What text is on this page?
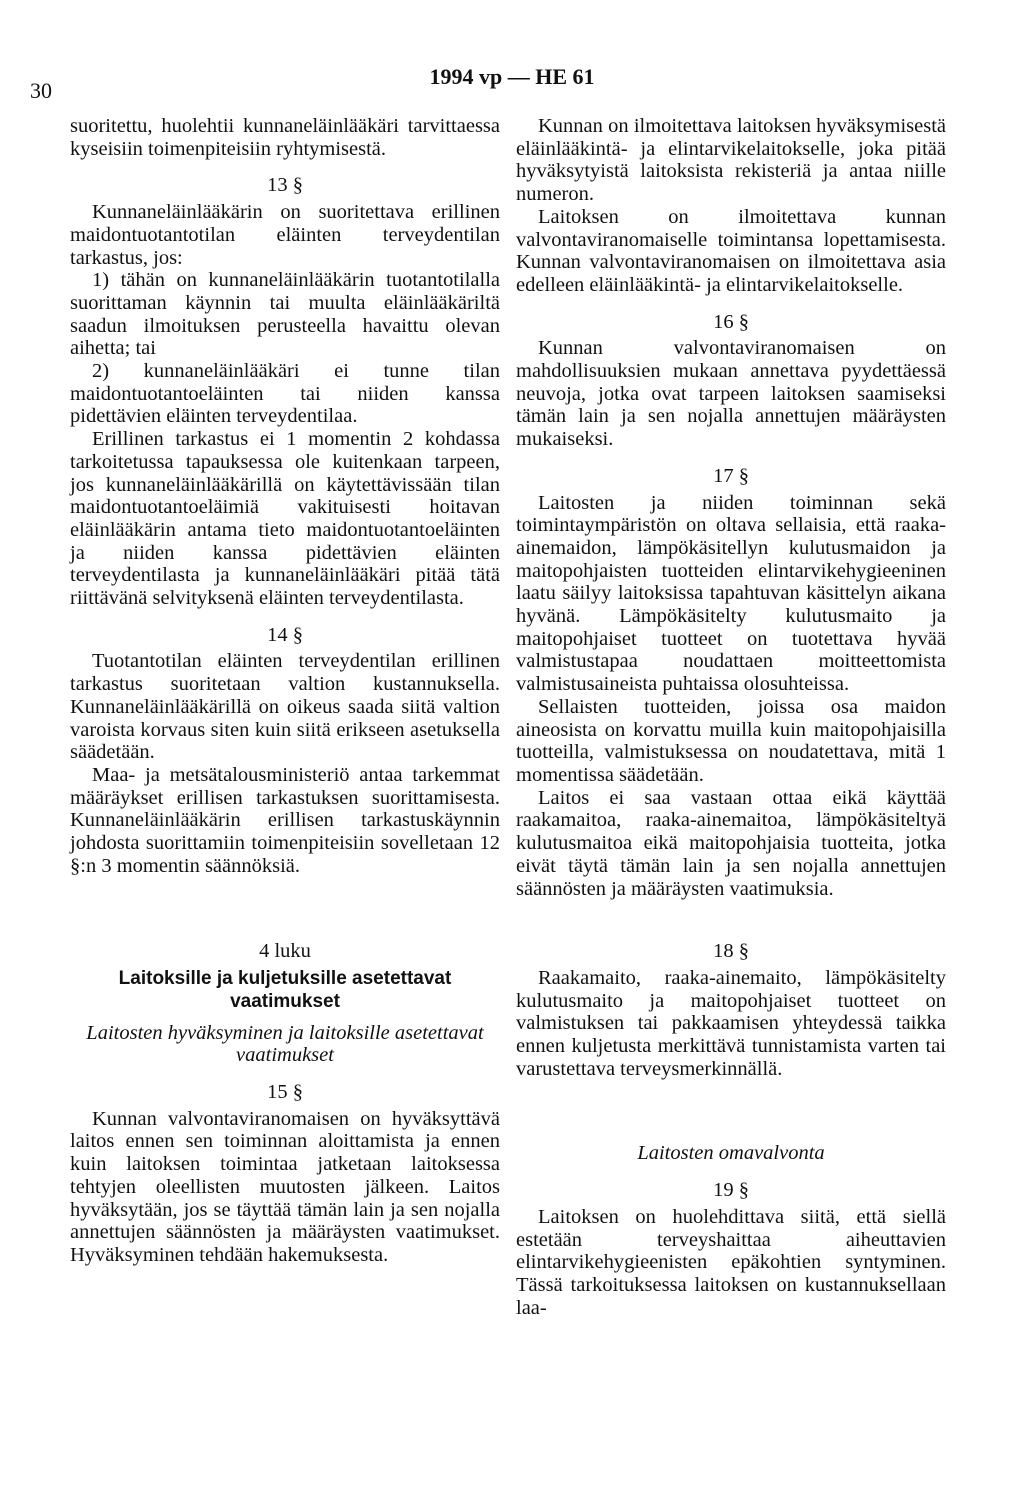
30
1994 vp — HE 61

suoritettu, huolehtii kunnaneläinlääkäri tarvittaessa kyseisiin toimenpiteisiin ryhtymisestä.

13 §

Kunnaneläinlääkärin on suoritettava erillinen maidontuotantotilan eläinten terveydentilan tarkastus, jos:

1) tähän on kunnaneläinlääkärin tuotantotilalla suorittaman käynnin tai muulta eläinlääkäriltä saadun ilmoituksen perusteella havaittu olevan aihetta; tai

2) kunnaneläinlääkäri ei tunne tilan maidontuotantoeläinten tai niiden kanssa pidettävien eläinten terveydentilaa.

Erillinen tarkastus ei 1 momentin 2 kohdassa tarkoitetussa tapauksessa ole kuitenkaan tarpeen, jos kunnaneläinlääkärillä on käytettävissään tilan maidontuotantoeläimiä vakituisesti hoitavan eläinlääkärin antama tieto maidontuotantoeläinten ja niiden kanssa pidettävien eläinten terveydentilasta ja kunnaneläinlääkäri pitää tätä riittävänä selvityksenä eläinten terveydentilasta.

14 §

Tuotantotilan eläinten terveydentilan erillinen tarkastus suoritetaan valtion kustannuksella. Kunnaneläinlääkärillä on oikeus saada siitä valtion varoista korvaus siten kuin siitä erikseen asetuksella säädetään.

Maa- ja metsätalousministeriö antaa tarkemmat määräykset erillisen tarkastuksen suorittamisesta. Kunnaneläinlääkärin erillisen tarkastuskäynnin johdosta suorittamiin toimenpiteisiin sovelletaan 12 §:n 3 momentin säännöksiä.

4 luku
Laitoksille ja kuljetuksille asetettavat vaatimukset
Laitosten hyväksyminen ja laitoksille asetettavat vaatimukset
15 §

Kunnan valvontaviranomaisen on hyväksyttävä laitos ennen sen toiminnan aloittamista ja ennen kuin laitoksen toimintaa jatketaan laitoksessa tehtyjen oleellisten muutosten jälkeen. Laitos hyväksytään, jos se täyttää tämän lain ja sen nojalla annettujen säännösten ja määräysten vaatimukset. Hyväksyminen tehdään hakemuksesta.

Kunnan on ilmoitettava laitoksen hyväksymisestä eläinlääkintä- ja elintarvikelaitokselle, joka pitää hyväksytyistä laitoksista rekisteriä ja antaa niille numeron.

Laitoksen on ilmoitettava kunnan valvontaviranomaiselle toimintansa lopettamisesta. Kunnan valvontaviranomaisen on ilmoitettava asia edelleen eläinlääkintä- ja elintarvikelaitokselle.

16 §

Kunnan valvontaviranomaisen on mahdollisuuksien mukaan annettava pyydettäessä neuvoja, jotka ovat tarpeen laitoksen saamiseksi tämän lain ja sen nojalla annettujen määräysten mukaiseksi.

17 §

Laitosten ja niiden toiminnan sekä toimintaympäristön on oltava sellaisia, että raaka-ainemaidon, lämpökäsitellyn kulutusmaidon ja maitopohjaisten tuotteiden elintarvikehygieeninen laatu säilyy laitoksissa tapahtuvan käsittelyn aikana hyvänä. Lämpökäsitelty kulutusmaito ja maitopohjaiset tuotteet on tuotettava hyvää valmistustapaa noudattaen moitteettomista valmistusaineista puhtaissa olosuhteissa.

Sellaisten tuotteiden, joissa osa maidon aineosista on korvattu muilla kuin maitopohjaisilla tuotteilla, valmistuksessa on noudatettava, mitä 1 momentissa säädetään.

Laitos ei saa vastaan ottaa eikä käyttää raakamaitoa, raaka-ainemaitoa, lämpökäsiteltyä kulutusmaitoa eikä maitopohjaisia tuotteita, jotka eivät täytä tämän lain ja sen nojalla annettujen säännösten ja määräysten vaatimuksia.

18 §

Raakamaito, raaka-ainemaito, lämpökäsitelty kulutusmaito ja maitopohjaiset tuotteet on valmistuksen tai pakkaamisen yhteydessä taikka ennen kuljetusta merkittävä tunnistamista varten tai varustettava terveysmerkinnällä.

Laitosten omavalvonta
19 §

Laitoksen on huolehdittava siitä, että siellä estetään terveyshaittaa aiheuttavien elintarvikehygieenisten epäkohtien syntyminen. Tässä tarkoituksessa laitoksen on kustannuksellaan laa-
